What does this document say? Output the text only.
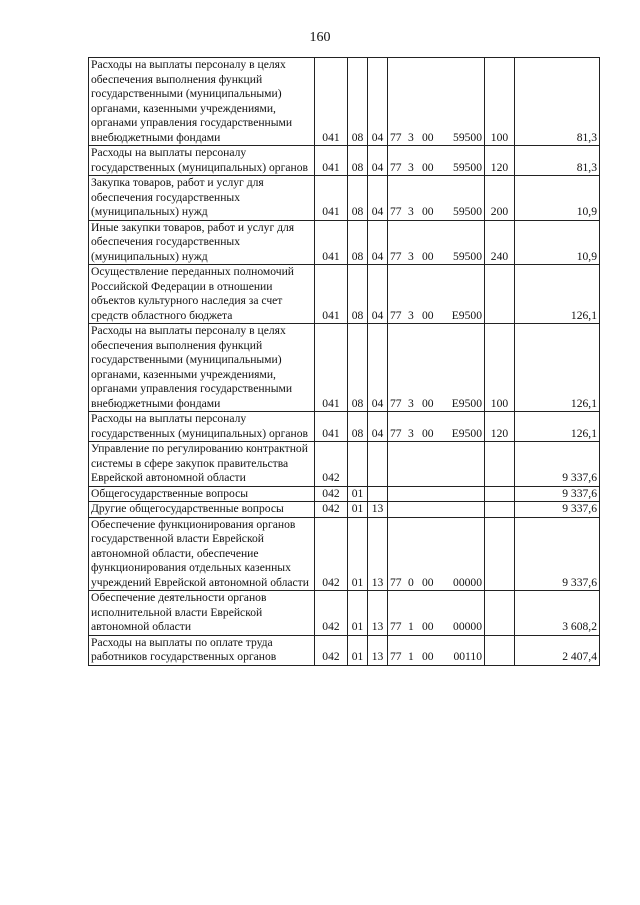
160
Расходы на выплаты персоналу в целях обеспечения выполнения функций государственными (муниципальными) органами, казенными учреждениями, органами управления государственными внебюджетными фондами	041	08	04	77 3 00 59500	100	81,3
Расходы на выплаты персоналу государственных (муниципальных) органов	041	08	04	77 3 00 59500	120	81,3
Закупка товаров, работ и услуг для обеспечения государственных (муниципальных) нужд	041	08	04	77 3 00 59500	200	10,9
Иные закупки товаров, работ и услуг для обеспечения государственных (муниципальных) нужд	041	08	04	77 3 00 59500	240	10,9
Осуществление переданных полномочий Российской Федерации в отношении объектов культурного наследия за счет средств областного бюджета	041	08	04	77 3 00 E9500		126,1
Расходы на выплаты персоналу в целях обеспечения выполнения функций государственными (муниципальными) органами, казенными учреждениями, органами управления государственными внебюджетными фондами	041	08	04	77 3 00 E9500	100	126,1
Расходы на выплаты персоналу государственных (муниципальных) органов	041	08	04	77 3 00 E9500	120	126,1
Управление по регулированию контрактной системы в сфере закупок правительства Еврейской автономной области	042					9 337,6
Общегосударственные вопросы	042	01				9 337,6
Другие общегосударственные вопросы	042	01	13			9 337,6
Обеспечение функционирования органов государственной власти Еврейской автономной области, обеспечение функционирования отдельных казенных учреждений Еврейской автономной области	042	01	13	77 0 00 00000		9 337,6
Обеспечение деятельности органов исполнительной власти Еврейской автономной области	042	01	13	77 1 00 00000		3 608,2
Расходы на выплаты по оплате труда работников государственных органов	042	01	13	77 1 00 00110		2 407,4
